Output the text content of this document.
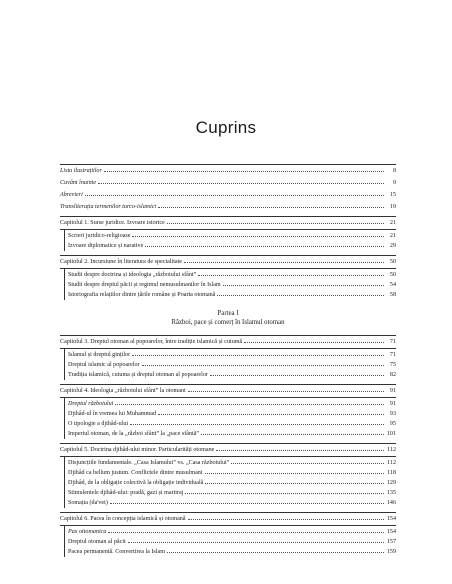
Cuprins
Lista ilustrațiilor	8
Cuvânt înainte	9
Abrevieri	15
Transliterația termenilor turco-islamici	19
Capitolul 1. Surse juridice. Izvoare istorice	21
Scrieri juridico-religioase	21
Izvoare diplomatice și narative	29
Capitolul 2. Incursiune în literatura de specialitate	50
Studii despre doctrina și ideologia „războiului sfânt”	50
Studii despre dreptul păcii și regimul nemusulmanilor în Islam	54
Istoriografia relațiilor dintre țările române și Poarta otomană	58
Partea I
Război, pace și comerț în Islamul otoman
Capitolul 3. Dreptul otoman al popoarelor, între tradiție islamică și cutumă	71
Islamul și dreptul ginților	71
Dreptul islamic al popoarelor	75
Tradiția islamică, cutuma și dreptul otoman al popoarelor	82
Capitolul 4. Ideologia „războiului sfânt” la otomani	91
Dreptul războiului	91
Djihâd-ul în vremea lui Muhammad	93
O tipologie a djihâd-ului	95
Imperiul otoman, de la „război sfânt” la „pace sfântă”	101
Capitolul 5. Doctrina djihâd-ului minor. Particularități otomane	112
Disjuncțiile fundamentale. „Casa Islamului” vs. „Casa războiului”	112
Djihâd ca bellum justum. Conflictele dintre musulmani	118
Djihâd, de la obligație colectivă la obligație individuală	129
Stimulentele djihâd-ului: pradă, gazi și martiraj	135
Somația (da'vet)	146
Capitolul 6. Pacea în concepția islamică și otomană	154
Pax ottomanica	154
Dreptul otoman al păcii	157
Pacea permanentă. Convertirea la Islam	159
